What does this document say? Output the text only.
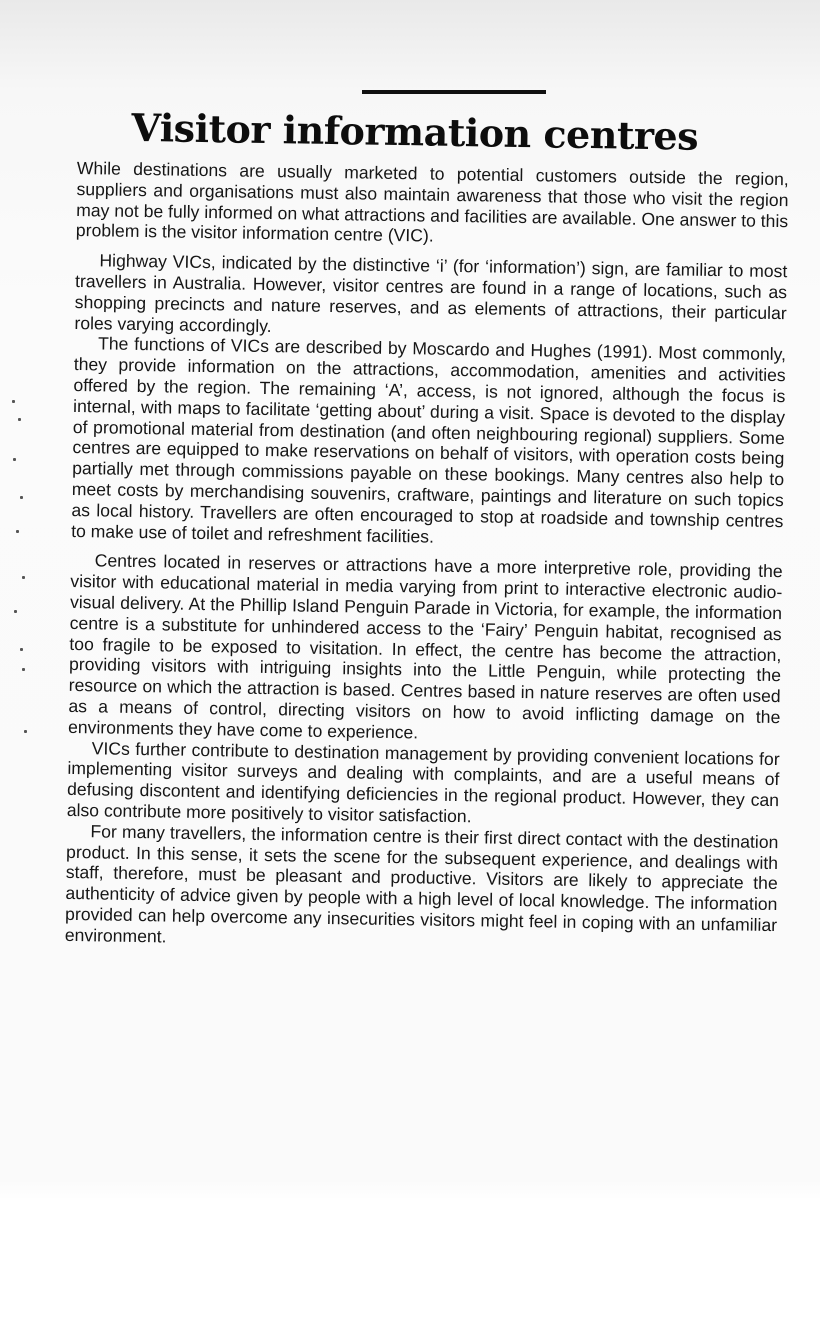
Visitor information centres

While destinations are usually marketed to potential customers outside the region, suppliers and organisations must also maintain awareness that those who visit the region may not be fully informed on what attractions and facilities are available. One answer to this problem is the visitor information centre (VIC).

Highway VICs, indicated by the distinctive ‘i’ (for ‘information’) sign, are familiar to most travellers in Australia. However, visitor centres are found in a range of locations, such as shopping precincts and nature reserves, and as elements of attractions, their particular roles varying accordingly.

The functions of VICs are described by Moscardo and Hughes (1991). Most commonly, they provide information on the attractions, accommodation, amenities and activities offered by the region. The remaining ‘A’, access, is not ignored, although the focus is internal, with maps to facilitate ‘getting about’ during a visit. Space is devoted to the display of promotional material from destination (and often neighbouring regional) suppliers. Some centres are equipped to make reservations on behalf of visitors, with operation costs being partially met through commissions payable on these bookings. Many centres also help to meet costs by merchandising souvenirs, craftware, paintings and literature on such topics as local history. Travellers are often encouraged to stop at roadside and township centres to make use of toilet and refreshment facilities.

Centres located in reserves or attractions have a more interpretive role, providing the visitor with educational material in media varying from print to interactive electronic audio-visual delivery. At the Phillip Island Penguin Parade in Victoria, for example, the information centre is a substitute for unhindered access to the ‘Fairy’ Penguin habitat, recognised as too fragile to be exposed to visitation. In effect, the centre has become the attraction, providing visitors with intriguing insights into the Little Penguin, while protecting the resource on which the attraction is based. Centres based in nature reserves are often used as a means of control, directing visitors on how to avoid inflicting damage on the environments they have come to experience.

VICs further contribute to destination management by providing convenient locations for implementing visitor surveys and dealing with complaints, and are a useful means of defusing discontent and identifying deficiencies in the regional product. However, they can also contribute more positively to visitor satisfaction.

For many travellers, the information centre is their first direct contact with the destination product. In this sense, it sets the scene for the subsequent experience, and dealings with staff, therefore, must be pleasant and productive. Visitors are likely to appreciate the authenticity of advice given by people with a high level of local knowledge. The information provided can help overcome any insecurities visitors might feel in coping with an unfamiliar environment.
